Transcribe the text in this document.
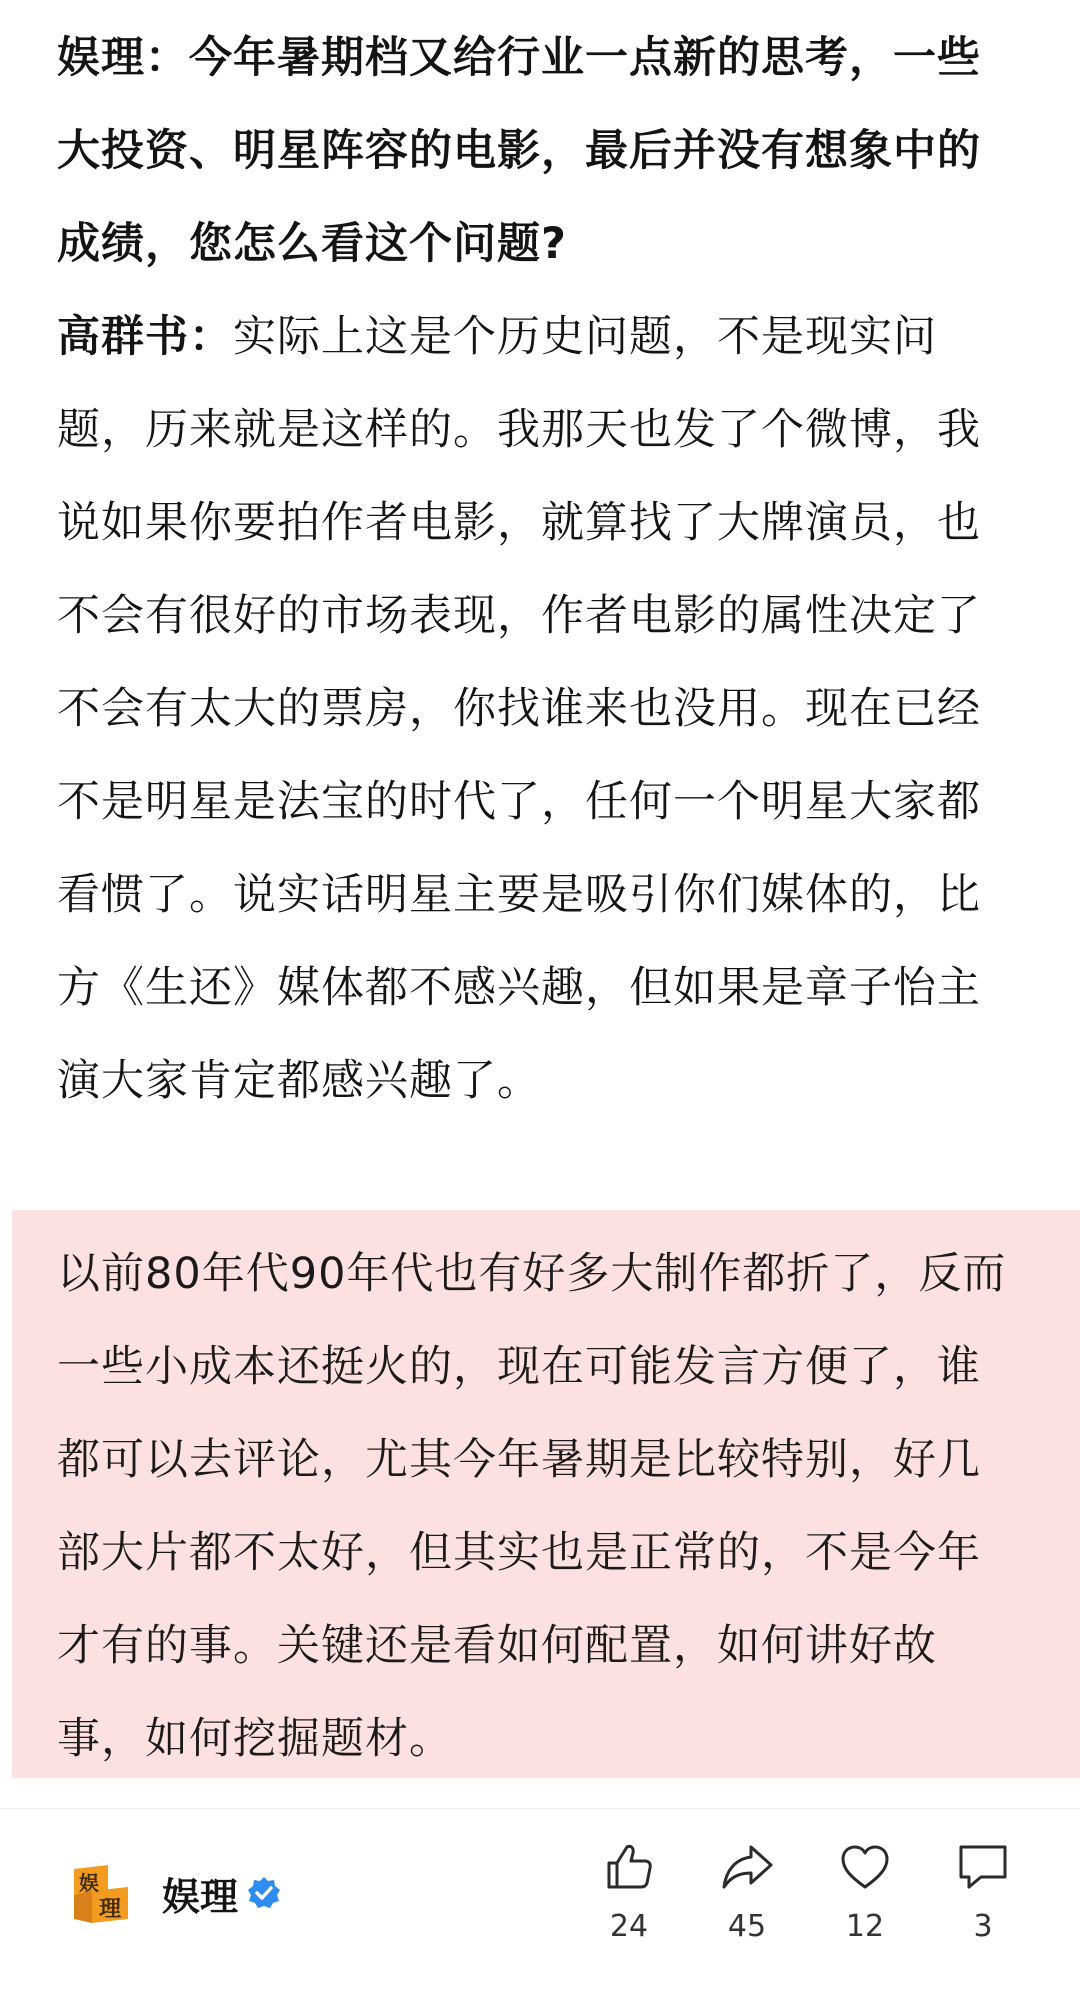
娱理：今年暑期档又给行业一点新的思考，一些大投资、明星阵容的电影，最后并没有想象中的成绩，您怎么看这个问题?

高群书：实际上这是个历史问题，不是现实问题，历来就是这样的。我那天也发了个微博，我说如果你要拍作者电影，就算找了大牌演员，也不会有很好的市场表现，作者电影的属性决定了不会有太大的票房，你找谁来也没用。现在已经不是明星是法宝的时代了，任何一个明星大家都看惯了。说实话明星主要是吸引你们媒体的，比方《生还》媒体都不感兴趣，但如果是章子怡主演大家肯定都感兴趣了。

以前80年代90年代也有好多大制作都折了，反而一些小成本还挺火的，现在可能发言方便了，谁都可以去评论，尤其今年暑期是比较特别，好几部大片都不太好，但其实也是正常的，不是今年才有的事。关键还是看如何配置，如何讲好故事，如何挖掘题材。

娱
理 娱理
24	45	12	3
